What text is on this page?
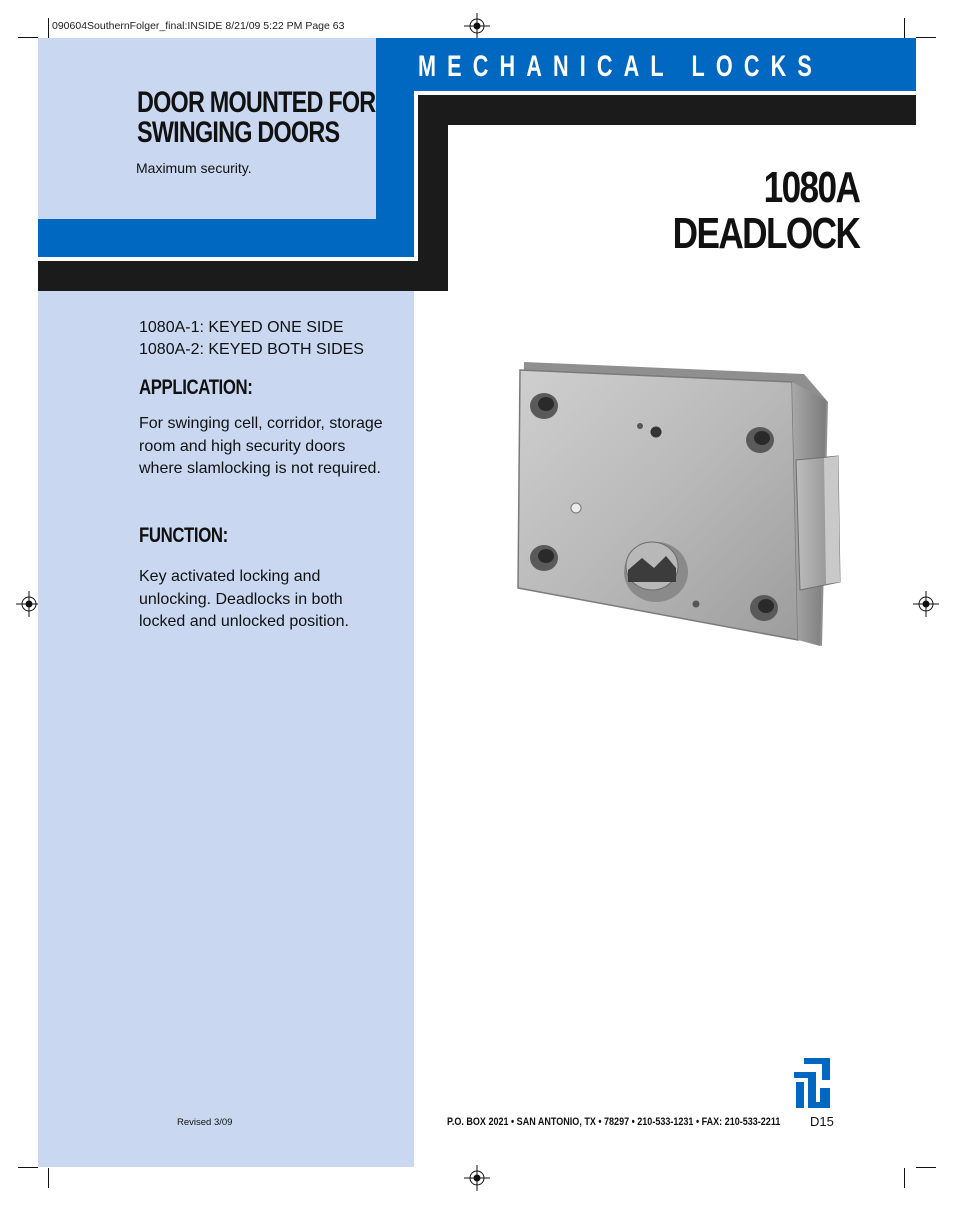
090604SouthernFolger_final:INSIDE 8/21/09 5:22 PM Page 63
MECHANICAL LOCKS
DOOR MOUNTED FOR
SWINGING DOORS
Maximum security.	1080A
DEADLOCK
1080A-1: KEYED ONE SIDE
1080A-2: KEYED BOTH SIDES
APPLICATION:
For swinging cell, corridor, storage room and high security doors where slamlocking is not required.
FUNCTION:
Key activated locking and unlocking. Deadlocks in both locked and unlocked position.
Revised 3/09	P.O. BOX 2021 • SAN ANTONIO, TX • 78297 • 210-533-1231 • FAX: 210-533-2211 D15
